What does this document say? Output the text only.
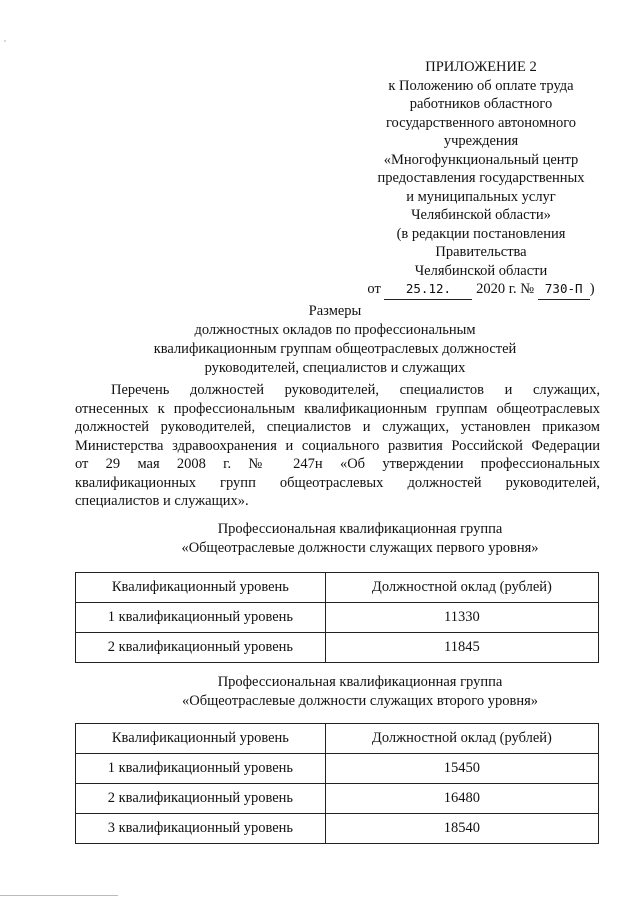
ПРИЛОЖЕНИЕ 2
к Положению об оплате труда
работников областного
государственного автономного
учреждения
«Многофункциональный центр
предоставления государственных
и муниципальных услуг
Челябинской области»
(в редакции постановления
Правительства
Челябинской области
от 25.12. 2020 г. № 730-П )
Размеры
должностных окладов по профессиональным
квалификационным группам общеотраслевых должностей
руководителей, специалистов и служащих
Перечень должностей руководителей, специалистов и служащих,
отнесенных к профессиональным квалификационным группам общеотраслевых
должностей руководителей, специалистов и служащих, установлен приказом
Министерства здравоохранения и социального развития Российской Федерации
от 29 мая 2008 г. № 247н «Об утверждении профессиональных
квалификационных групп общеотраслевых должностей руководителей,
специалистов и служащих».
Профессиональная квалификационная группа
«Общеотраслевые должности служащих первого уровня»
Квалификационный уровень	Должностной оклад (рублей)
1 квалификационный уровень	11330
2 квалификационный уровень	11845
Профессиональная квалификационная группа
«Общеотраслевые должности служащих второго уровня»
Квалификационный уровень	Должностной оклад (рублей)
1 квалификационный уровень	15450
2 квалификационный уровень	16480
3 квалификационный уровень	18540
